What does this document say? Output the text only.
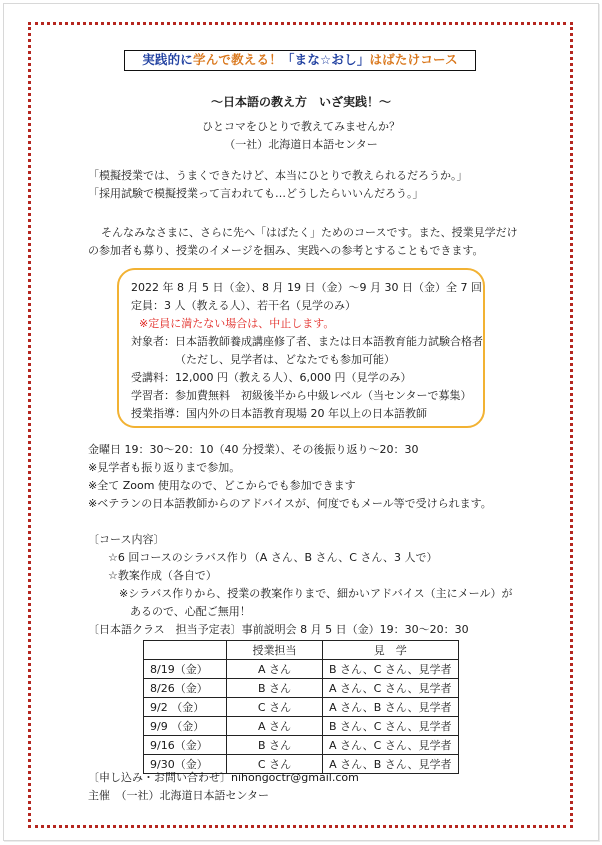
実践的に学んで教える！「まな☆おし」はばたけコース
～日本語の教え方　いざ実践！～
ひとコマをひとりで教えてみませんか？
（一社）北海道日本語センター
「模擬授業では、うまくできたけど、本当にひとりで教えられるだろうか。」
「採用試験で模擬授業って言われても…どうしたらいいんだろう。」
そんなみなさまに、さらに先へ「はばたく」ためのコースです。また、授業見学だけ
の参加者も募り、授業のイメージを掴み、実践への参考とすることもできます。
2022 年 8 月 5 日（金）、8 月 19 日（金）～9 月 30 日（金）全 7 回
定員：3 人（教える人）、若干名（見学のみ）
※定員に満たない場合は、中止します。
対象者：日本語教師養成講座修了者、または日本語教育能力試験合格者
（ただし、見学者は、どなたでも参加可能）
受講料：12,000 円（教える人）、6,000 円（見学のみ）
学習者：参加費無料　初級後半から中級レベル（当センターで募集）
授業指導：国内外の日本語教育現場 20 年以上の日本語教師
金曜日 19：30～20：10（40 分授業）、その後振り返り～20：30
※見学者も振り返りまで参加。
※全て Zoom 使用なので、どこからでも参加できます
※ベテランの日本語教師からのアドバイスが、何度でもメール等で受けられます。
〔コース内容〕
☆6 回コースのシラバス作り（A さん、B さん、C さん、3 人で）
☆教案作成（各自で）
※シラバス作りから、授業の教案作りまで、細かいアドバイス（主にメール）が
あるので、心配ご無用！
〔日本語クラス　担当予定表〕事前説明会 8 月 5 日（金）19：30～20：30
	授業担当	見　学
8/19（金）	A さん	B さん、C さん、見学者
8/26（金）	B さん	A さん、C さん、見学者
9/2 （金）	C さん	A さん、B さん、見学者
9/9 （金）	A さん	B さん、C さん、見学者
9/16（金）	B さん	A さん、C さん、見学者
9/30（金）	C さん	A さん、B さん、見学者
〔申し込み・お問い合わせ〕nihongoctr@gmail.com
主催　（一社）北海道日本語センター
